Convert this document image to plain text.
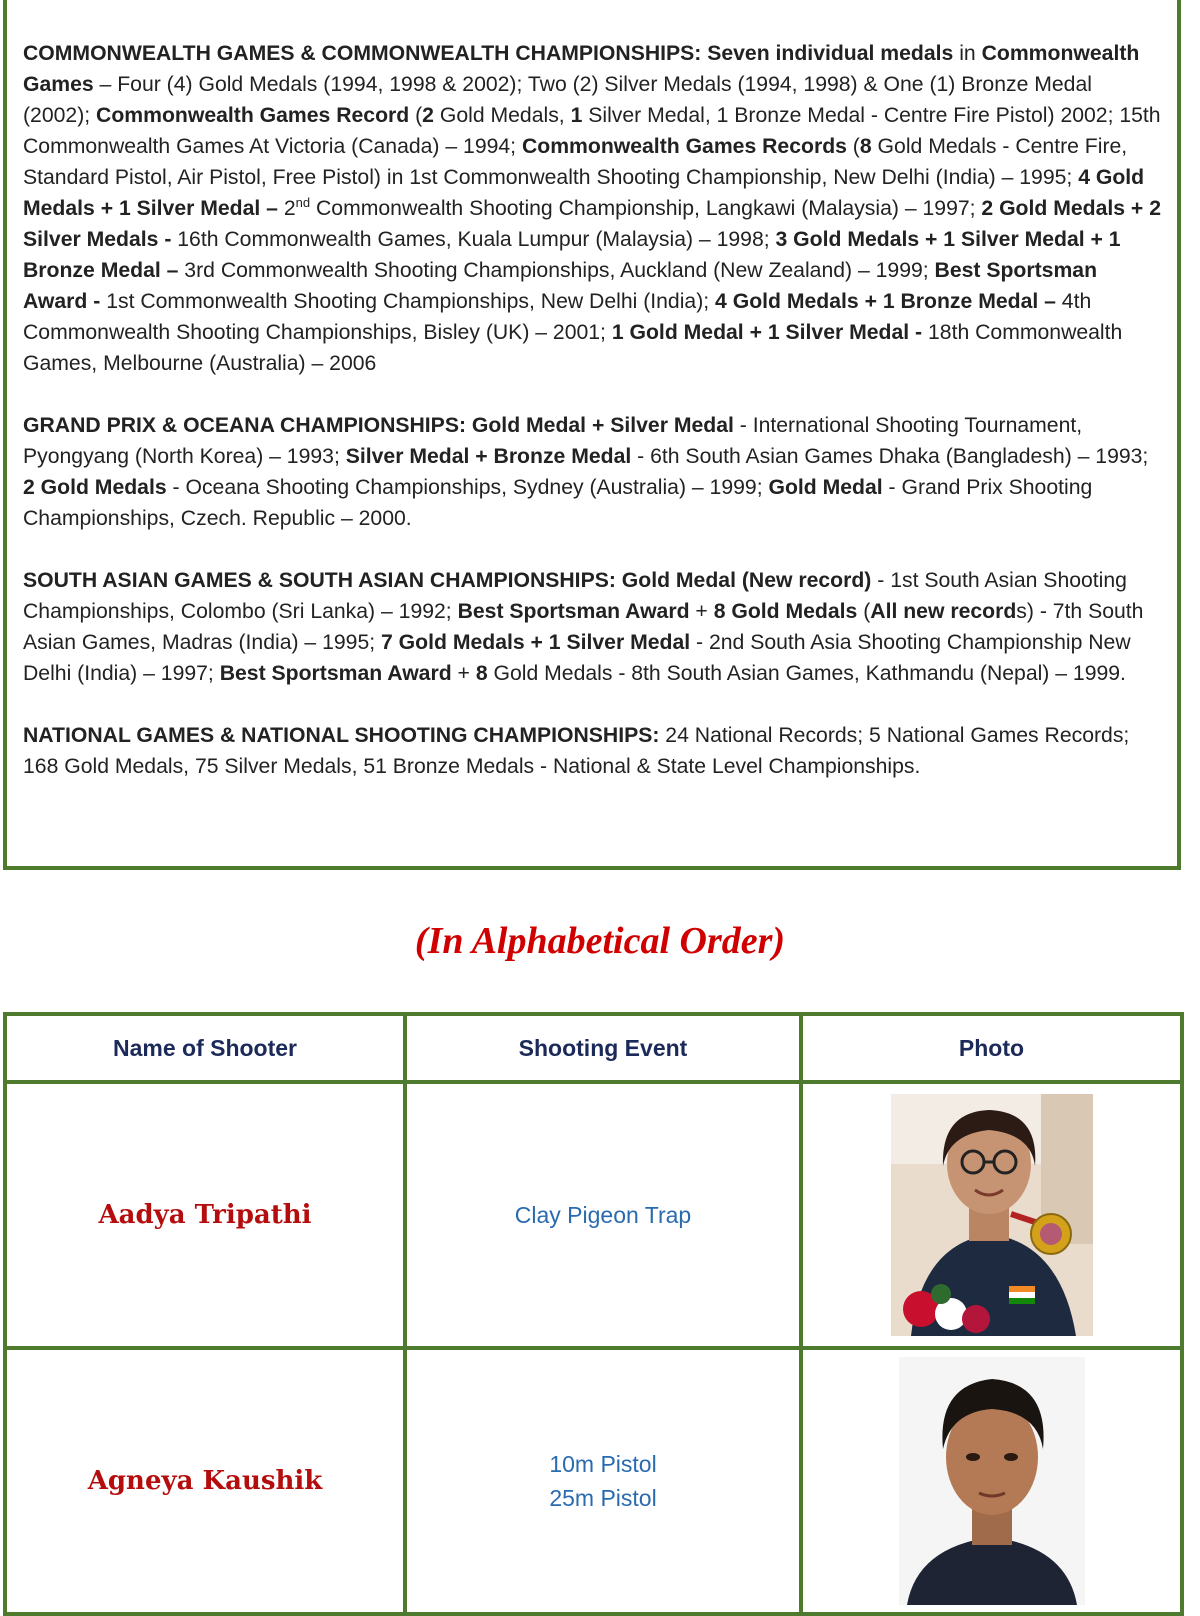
COMMONWEALTH GAMES & COMMONWEALTH CHAMPIONSHIPS: Seven individual medals in Commonwealth Games – Four (4) Gold Medals (1994, 1998 & 2002); Two (2) Silver Medals (1994, 1998) & One (1) Bronze Medal (2002); Commonwealth Games Record (2 Gold Medals, 1 Silver Medal, 1 Bronze Medal - Centre Fire Pistol) 2002; 15th Commonwealth Games At Victoria (Canada) – 1994; Commonwealth Games Records (8 Gold Medals - Centre Fire, Standard Pistol, Air Pistol, Free Pistol) in 1st Commonwealth Shooting Championship, New Delhi (India) – 1995; 4 Gold Medals + 1 Silver Medal – 2nd Commonwealth Shooting Championship, Langkawi (Malaysia) – 1997; 2 Gold Medals + 2 Silver Medals - 16th Commonwealth Games, Kuala Lumpur (Malaysia) – 1998; 3 Gold Medals + 1 Silver Medal + 1 Bronze Medal – 3rd Commonwealth Shooting Championships, Auckland (New Zealand) – 1999; Best Sportsman Award - 1st Commonwealth Shooting Championships, New Delhi (India); 4 Gold Medals + 1 Bronze Medal – 4th Commonwealth Shooting Championships, Bisley (UK) – 2001; 1 Gold Medal + 1 Silver Medal - 18th Commonwealth Games, Melbourne (Australia) – 2006

GRAND PRIX & OCEANA CHAMPIONSHIPS: Gold Medal + Silver Medal - International Shooting Tournament, Pyongyang (North Korea) – 1993; Silver Medal + Bronze Medal - 6th South Asian Games Dhaka (Bangladesh) – 1993; 2 Gold Medals - Oceana Shooting Championships, Sydney (Australia) – 1999; Gold Medal - Grand Prix Shooting Championships, Czech. Republic – 2000.

SOUTH ASIAN GAMES & SOUTH ASIAN CHAMPIONSHIPS: Gold Medal (New record) - 1st South Asian Shooting Championships, Colombo (Sri Lanka) – 1992; Best Sportsman Award + 8 Gold Medals (All new records) - 7th South Asian Games, Madras (India) – 1995; 7 Gold Medals + 1 Silver Medal - 2nd South Asia Shooting Championship New Delhi (India) – 1997; Best Sportsman Award + 8 Gold Medals - 8th South Asian Games, Kathmandu (Nepal) – 1999.

NATIONAL GAMES & NATIONAL SHOOTING CHAMPIONSHIPS: 24 National Records; 5 National Games Records; 168 Gold Medals, 75 Silver Medals, 51 Bronze Medals - National & State Level Championships.

(In Alphabetical Order)
Name of Shooter	Shooting Event	Photo
Aadya Tripathi	Clay Pigeon Trap

Agneya Kaushik	10m Pistol
25m Pistol
